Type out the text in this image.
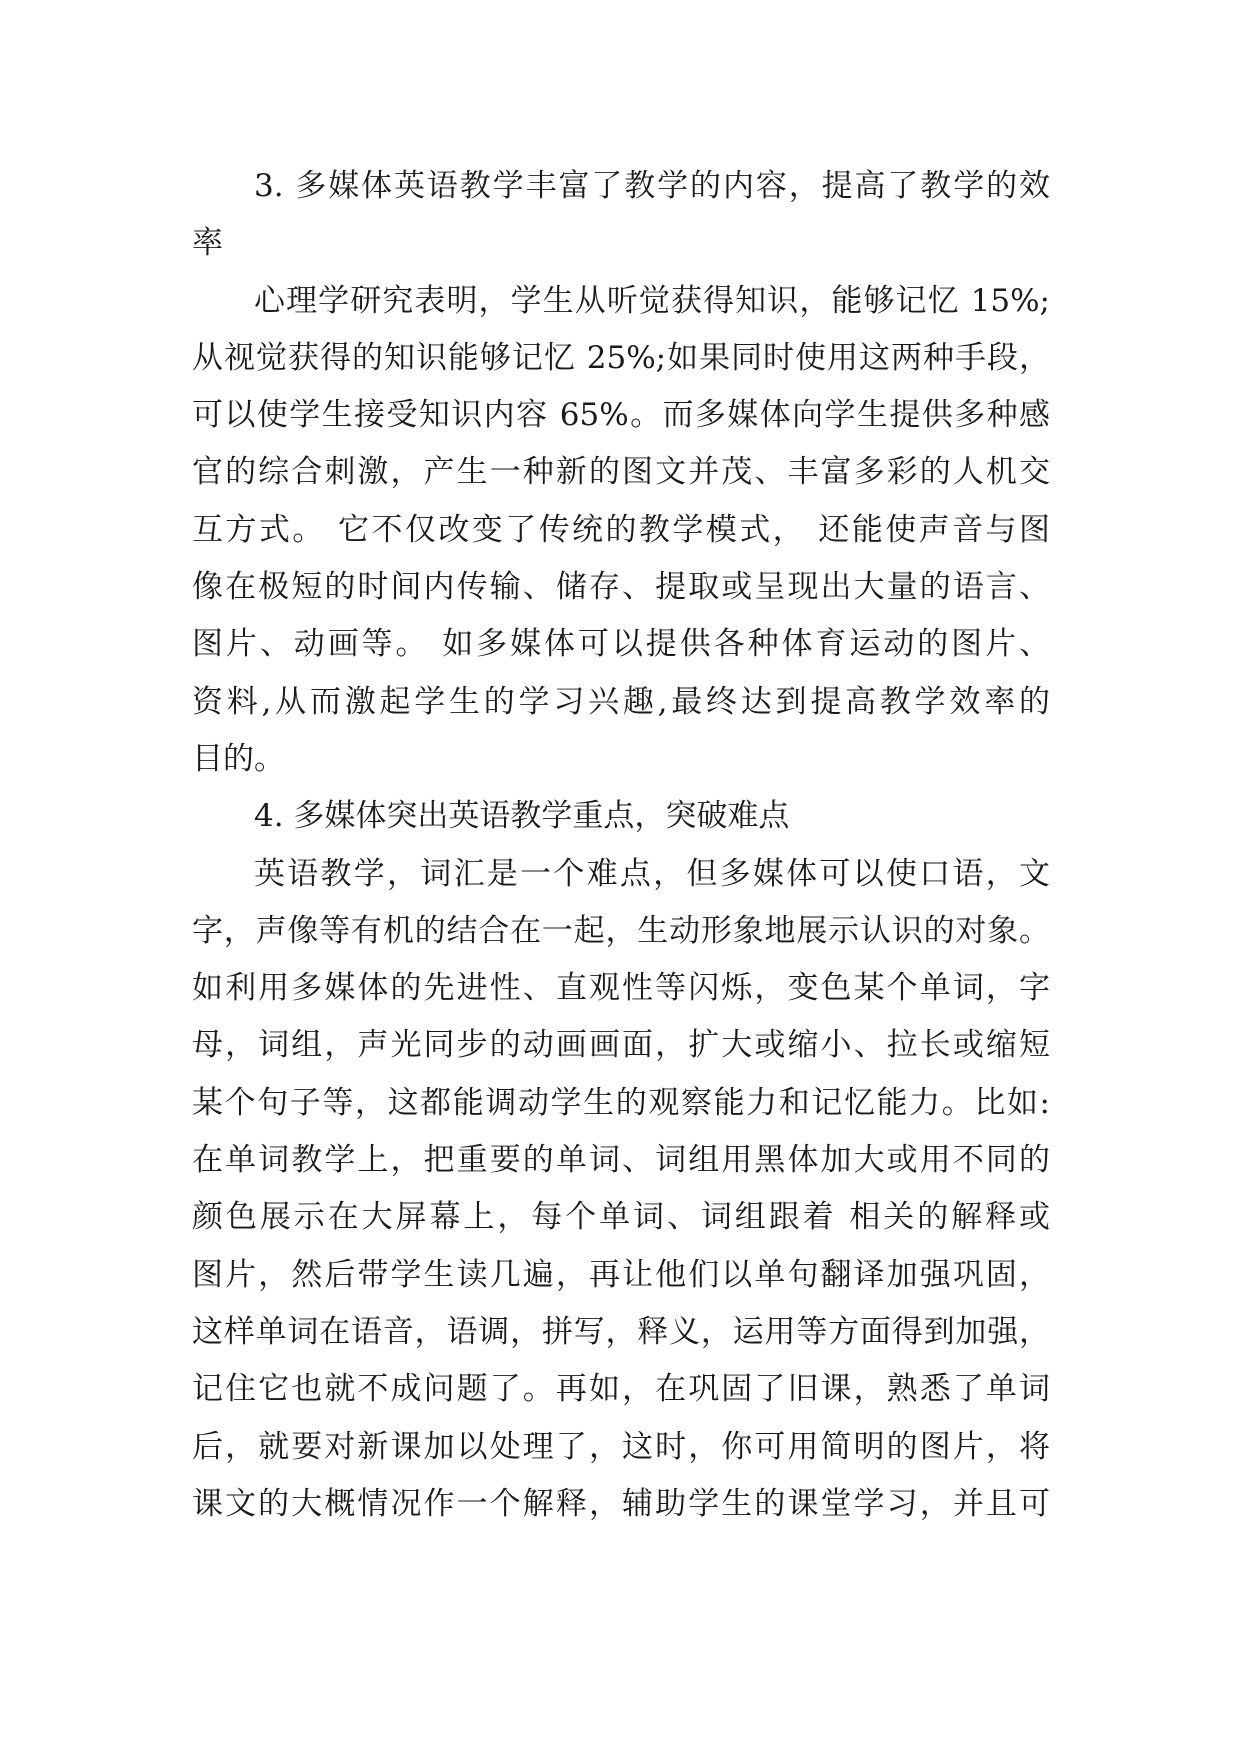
3. 多媒体英语教学丰富了教学的内容，提高了教学的效
率
心理学研究表明，学生从听觉获得知识，能够记忆 15%;
从视觉获得的知识能够记忆 25%;如果同时使用这两种手段，
可以使学生接受知识内容 65%。而多媒体向学生提供多种感
官的综合刺激，产生一种新的图文并茂、丰富多彩的人机交
互方式。 它不仅改变了传统的教学模式， 还能使声音与图
像在极短的时间内传输、储存、提取或呈现出大量的语言、
图片、动画等。 如多媒体可以提供各种体育运动的图片、
资料,从而激起学生的学习兴趣,最终达到提高教学效率的
目的。
4. 多媒体突出英语教学重点，突破难点
英语教学，词汇是一个难点，但多媒体可以使口语，文
字，声像等有机的结合在一起，生动形象地展示认识的对象。
如利用多媒体的先进性、直观性等闪烁，变色某个单词，字
母，词组，声光同步的动画画面，扩大或缩小、拉长或缩短
某个句子等，这都能调动学生的观察能力和记忆能力。比如:
在单词教学上，把重要的单词、词组用黑体加大或用不同的
颜色展示在大屏幕上，每个单词、词组跟着 相关的解释或
图片，然后带学生读几遍，再让他们以单句翻译加强巩固，
这样单词在语音，语调，拼写，释义，运用等方面得到加强，
记住它也就不成问题了。再如，在巩固了旧课，熟悉了单词
后，就要对新课加以处理了，这时，你可用简明的图片，将
课文的大概情况作一个解释，辅助学生的课堂学习，并且可
